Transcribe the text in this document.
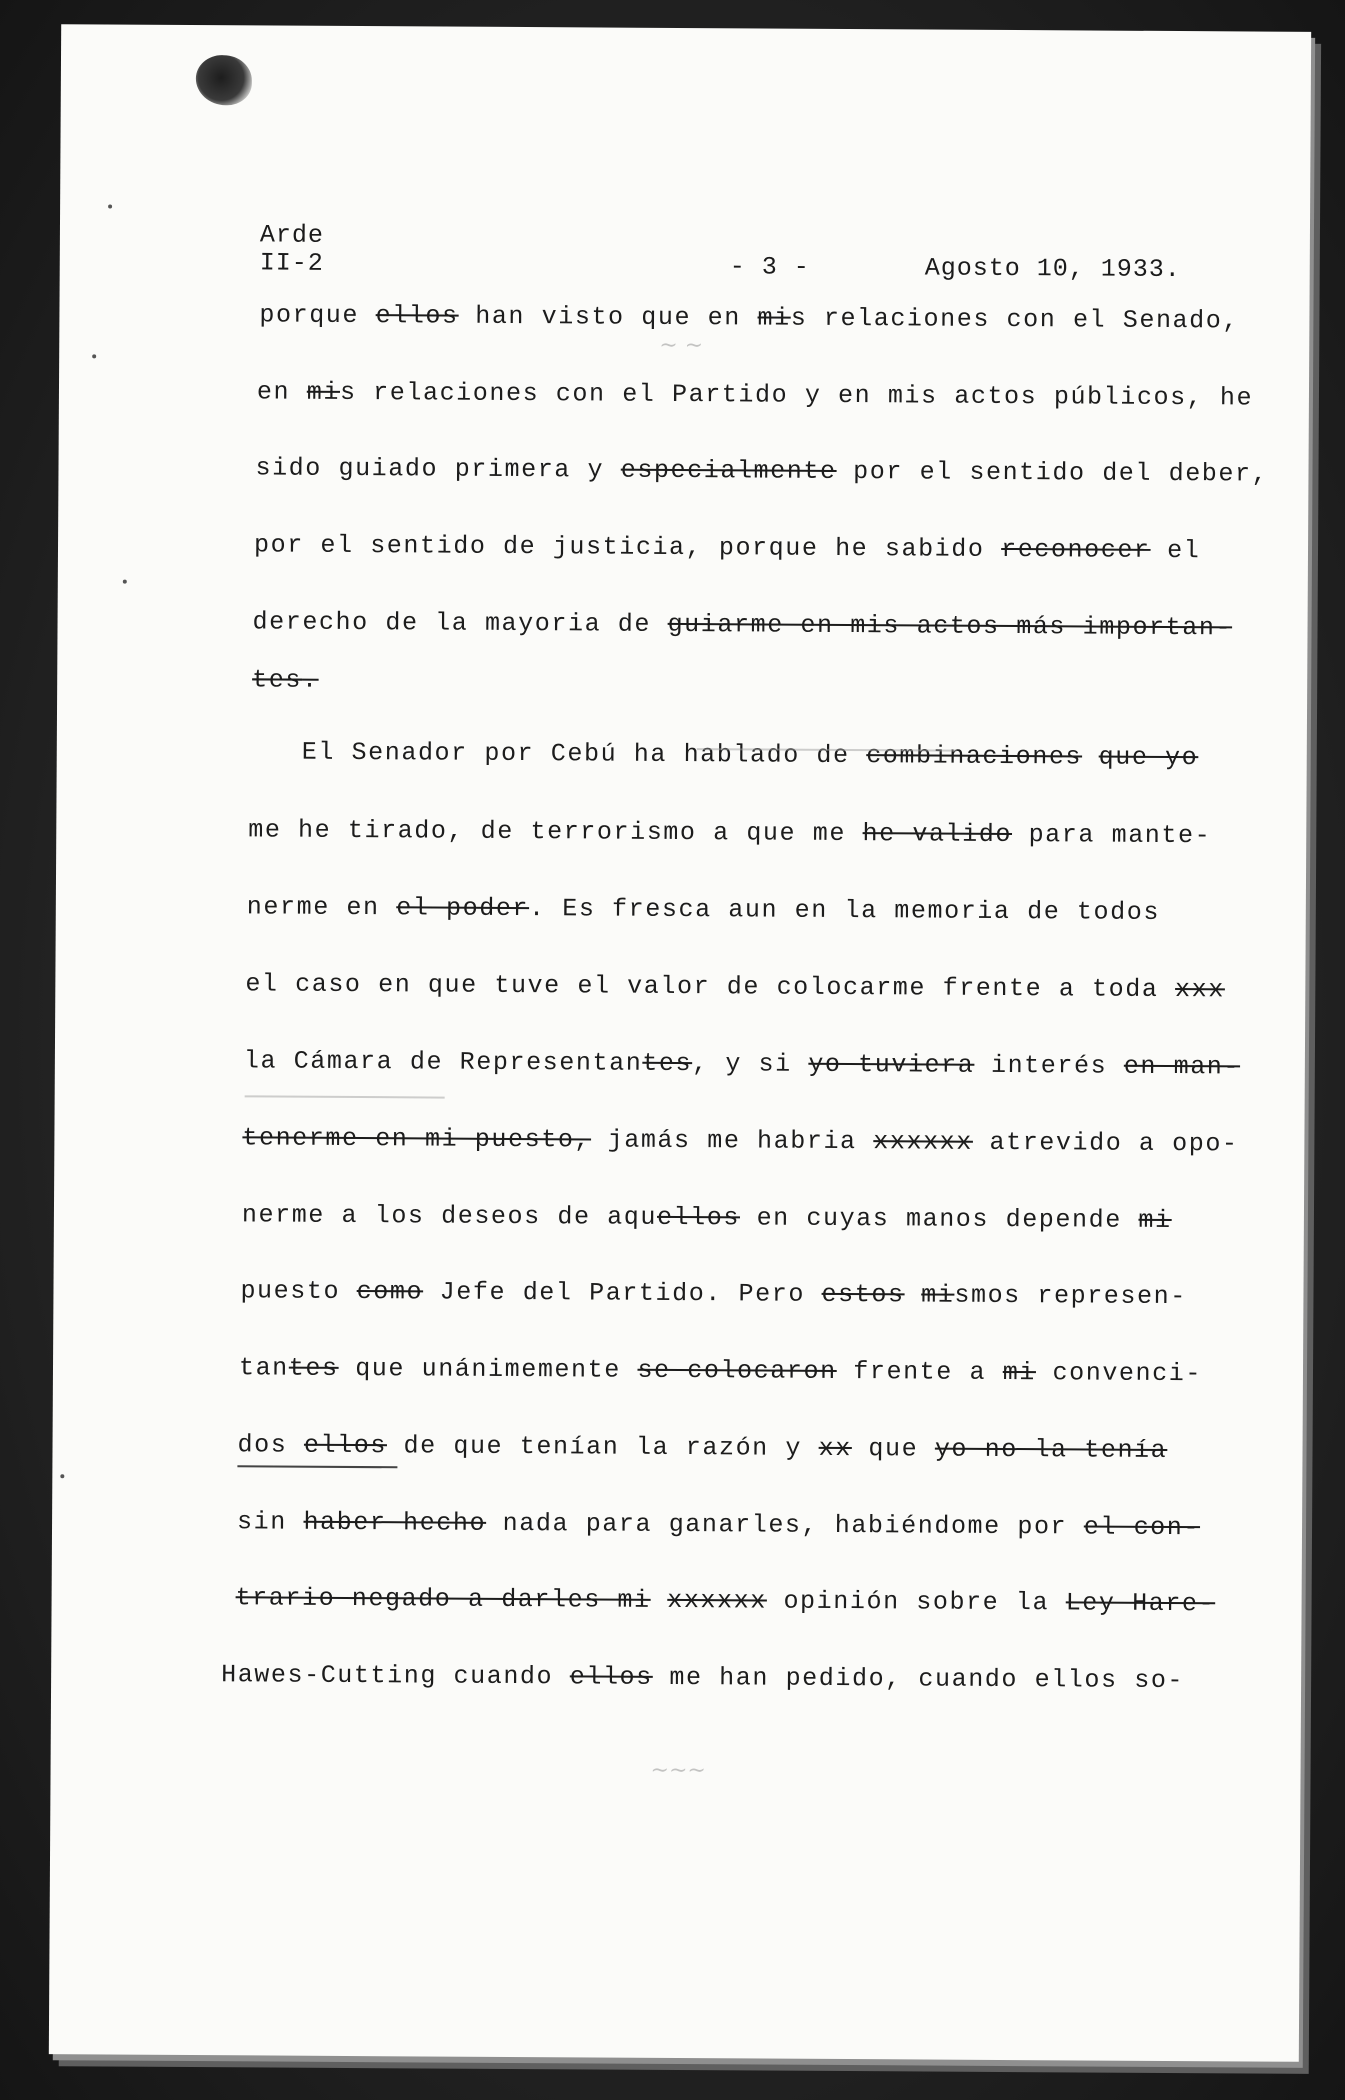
Arde
II-2	- 3 -	Agosto 10, 1933.
porque ellos han visto que en mis relaciones con el Senado,
en mis relaciones con el Partido y en mis actos públicos, he
sido guiado primera y especialmente por el sentido del deber,
por el sentido de justicia, porque he sabido reconocer el
derecho de la mayoria de guiarme en mis actos más importan-
tes.
El Senador por Cebú ha hablado de combinaciones que yo
me he tirado, de terrorismo a que me he valido para mante-
nerme en el poder. Es fresca aun en la memoria de todos
el caso en que tuve el valor de colocarme frente a toda xxx
la Cámara de Representantes, y si yo tuviera interés en man-
tenerme en mi puesto, jamás me habria xxxxxx atrevido a opo-
nerme a los deseos de aquellos en cuyas manos depende mi
puesto como Jefe del Partido. Pero estos mismos represen-
tantes que unánimemente se colocaron frente a mi convenci-
dos ellos de que tenían la razón y xx que yo no la tenía
sin haber hecho nada para ganarles, habiéndome por el con-
trario negado a darles mi xxxxxx opinión sobre la Ley Hare-
Hawes-Cutting cuando ellos me han pedido, cuando ellos so-
~ ~

~~~
